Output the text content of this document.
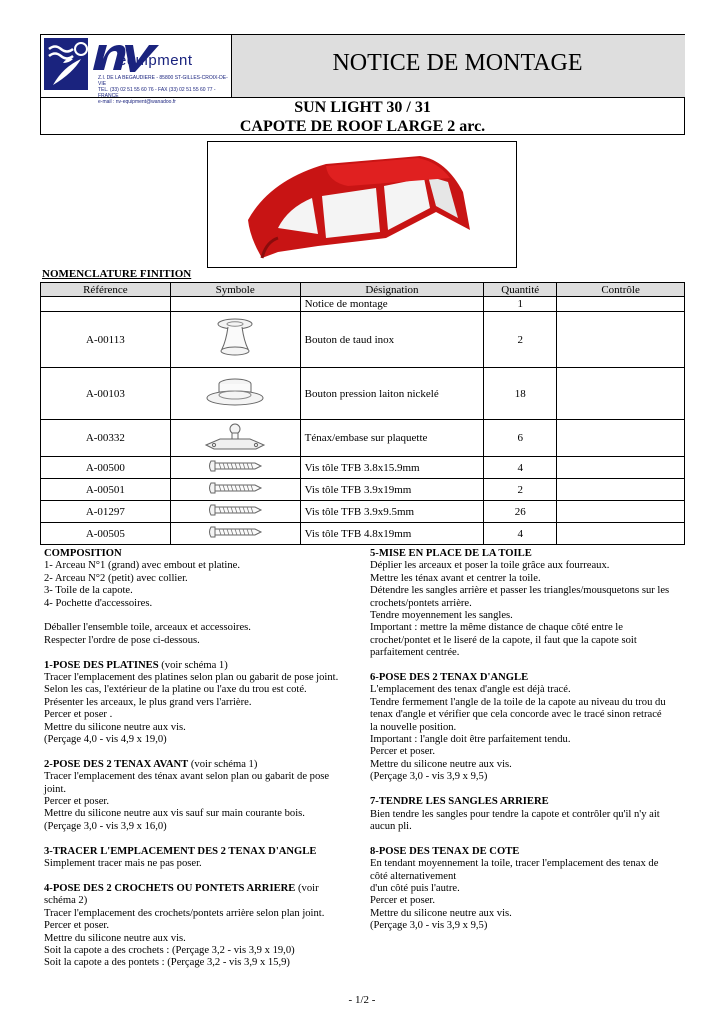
Z.I. DE LA BEGAUDIERE - 85800 ST-GILLES-CROIX-DE-VIE
TEL. (33) 02 51 55 60 76 - FAX (33) 02 51 55 60 77 - FRANCE
e-mail : nv-equipment@wanadoo.fr
equipment	NOTICE DE MONTAGE
SUN LIGHT 30 / 31
CAPOTE DE ROOF LARGE 2 arc.
NOMENCLATURE FINITION
Référence	Symbole	Désignation	Quantité	Contrôle
		Notice de montage	1	
A-00113		Bouton de taud inox	2	
A-00103		Bouton pression laiton nickelé	18	
A-00332		Ténax/embase sur plaquette	6	
A-00500		Vis tôle TFB 3.8x15.9mm	4	
A-00501		Vis tôle TFB 3.9x19mm	2	
A-01297		Vis tôle TFB 3.9x9.5mm	26	
A-00505		Vis tôle TFB 4.8x19mm	4	

COMPOSITION

1- Arceau N°1 (grand) avec embout et platine.

2- Arceau N°2 (petit) avec collier.

3- Toile de la capote.

4- Pochette d'accessoires.

Déballer l'ensemble toile, arceaux et accessoires.

Respecter l'ordre de pose ci-dessous.

1-POSE DES PLATINES (voir schéma 1)

Tracer l'emplacement des platines selon plan ou gabarit de pose joint.

Selon les cas, l'extérieur de la platine ou l'axe du trou est coté.

Présenter les arceaux, le plus grand vers l'arrière.

Percer et poser .

Mettre du silicone neutre aux vis.

(Perçage 4,0 - vis 4,9 x 19,0)

2-POSE DES 2 TENAX AVANT (voir schéma 1)

Tracer l'emplacement des ténax avant selon plan ou gabarit de pose

joint.

Percer et poser.

Mettre du silicone neutre aux vis sauf sur main courante bois.

(Perçage 3,0 - vis 3,9 x 16,0)

3-TRACER L'EMPLACEMENT DES 2 TENAX D'ANGLE

Simplement tracer mais ne pas poser.

4-POSE DES 2 CROCHETS OU PONTETS ARRIERE (voir

schéma 2)

Tracer l'emplacement des crochets/pontets arrière selon plan joint.

Percer et poser.

Mettre du silicone neutre aux vis.

Soit la capote a des crochets : (Perçage 3,2 - vis 3,9 x 19,0)

Soit la capote a des pontets : (Perçage 3,2 - vis 3,9 x 15,9)

5-MISE EN PLACE DE LA TOILE

Déplier les arceaux et poser la toile grâce aux fourreaux.

Mettre les ténax avant et centrer la toile.

Détendre les sangles arrière et passer les triangles/mousquetons sur les

crochets/pontets arrière.

Tendre moyennement les sangles.

Important : mettre la même distance de chaque côté entre le

crochet/pontet et le liseré de la capote, il faut que la capote soit

parfaitement centrée.

6-POSE DES 2 TENAX D'ANGLE

L'emplacement des tenax d'angle est déjà tracé.

Tendre fermement l'angle de la toile de la capote au niveau du trou du

tenax d'angle et vérifier que cela concorde avec le tracé sinon retracé

la nouvelle position.

Important : l'angle doit être parfaitement tendu.

Percer et poser.

Mettre du silicone neutre aux vis.

(Perçage 3,0 - vis 3,9 x 9,5)

7-TENDRE LES SANGLES ARRIERE

Bien tendre les sangles pour tendre la capote et contrôler qu'il n'y ait

aucun pli.

8-POSE DES TENAX DE COTE

En tendant moyennement la toile, tracer l'emplacement des tenax de

côté alternativement

d'un côté puis l'autre.

Percer et poser.

Mettre du silicone neutre aux vis.

(Perçage 3,0 - vis 3,9 x 9,5)

- 1/2 -
